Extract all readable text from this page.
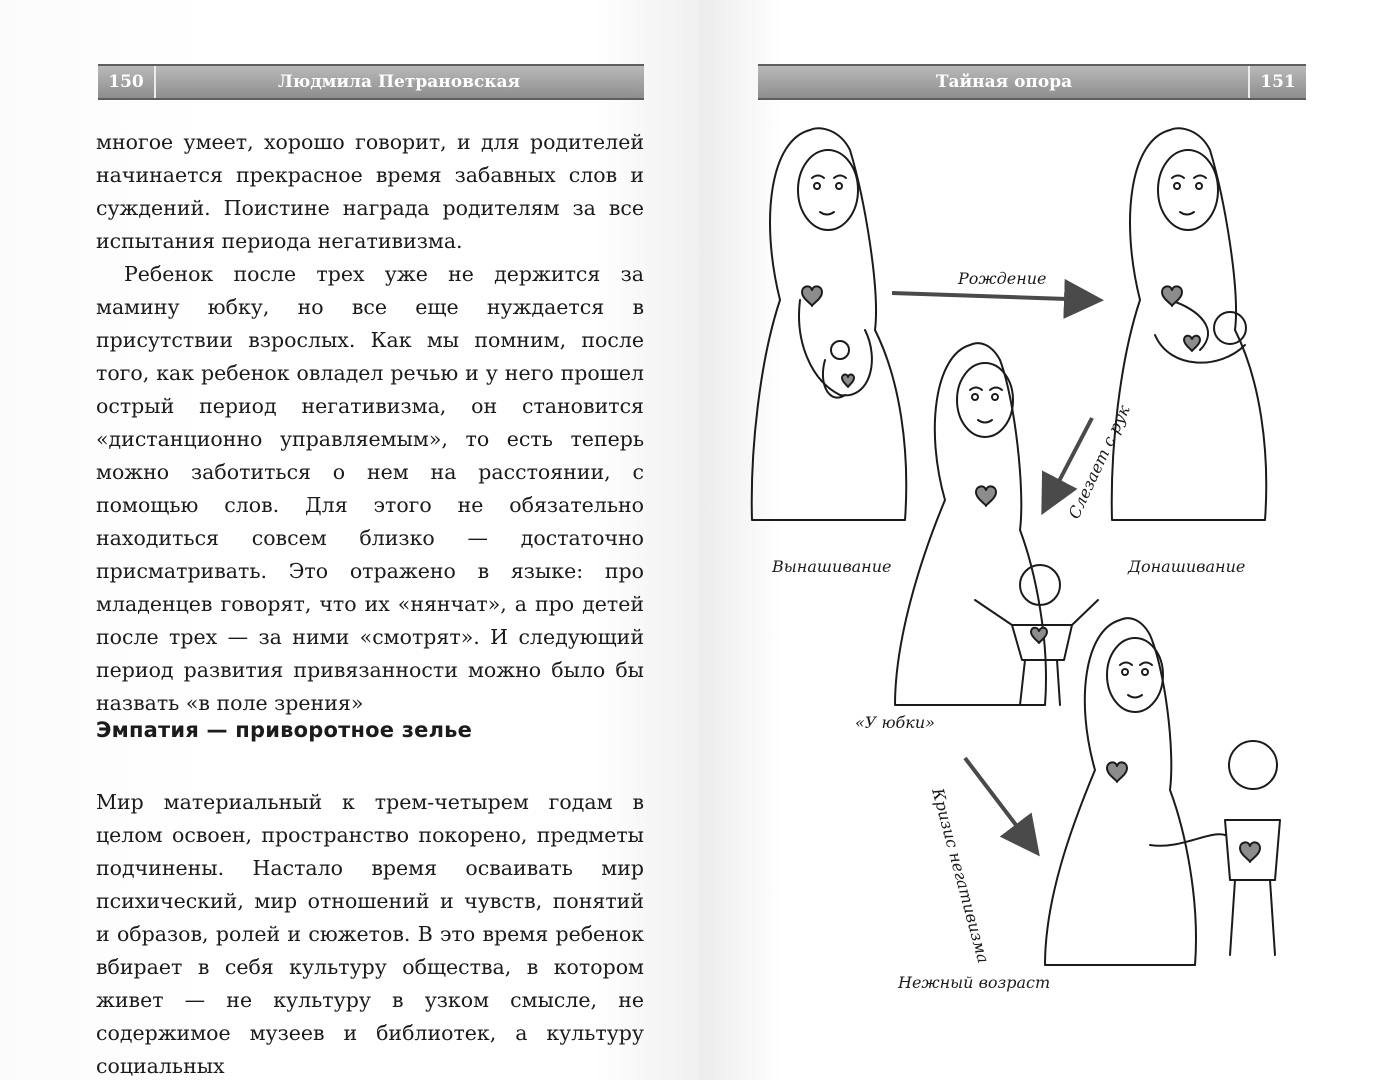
150	Людмила Петрановская

многое умеет, хорошо говорит, и для родителей начинается прекрасное время забавных слов и суждений. Поистине награда родителям за все испытания периода негативизма.

Ребенок после трех уже не держится за мамину юбку, но все еще нуждается в присутствии взрослых. Как мы помним, после того, как ребенок овладел речью и у него прошел острый период негативизма, он становится «дистанционно управляемым», то есть теперь можно заботиться о нем на расстоянии, с помощью слов. Для этого не обязательно находиться совсем близко — достаточно присматривать. Это отражено в языке: про младенцев говорят, что их «нянчат», а про детей после трех — за ними «смотрят». И следующий период развития привязанности можно было бы назвать «в поле зрения»

Эмпатия — приворотное зелье

Мир материальный к трем-четырем годам в целом освоен, пространство покорено, предметы подчинены. Настало время осваивать мир психический, мир отношений и чувств, понятий и образов, ролей и сюжетов. В это время ребенок вбирает в себя культуру общества, в котором живет — не культуру в узком смысле, не содержимое музеев и библиотек, а культуру социальных

Тайная опора	151
Рождение
Слезает с рук
Вынашивание	Донашивание
«У юбки»
Кризис негативизма
Нежный возраст
